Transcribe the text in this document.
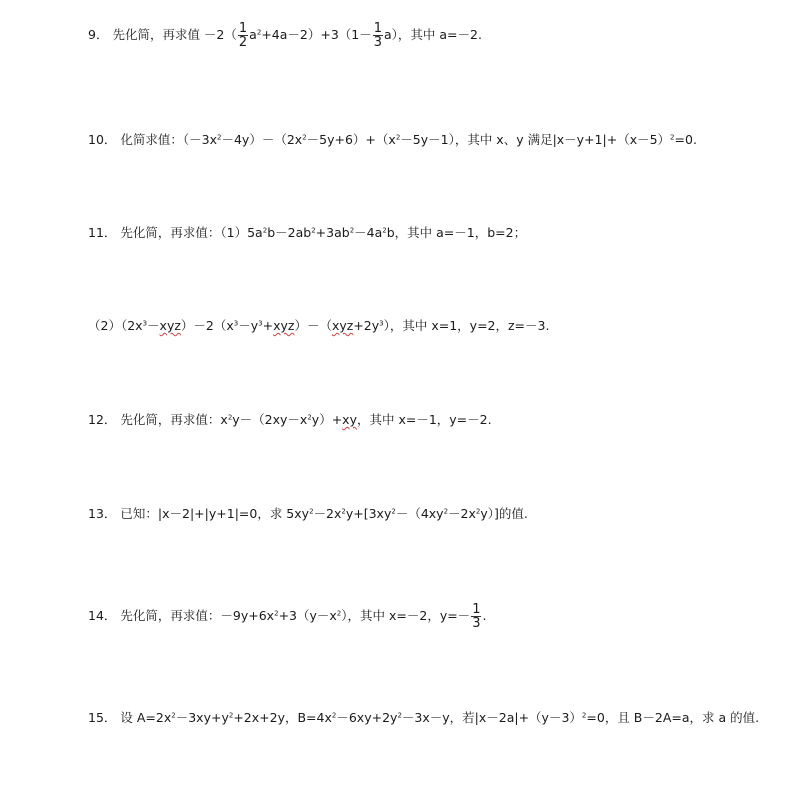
9． 先化简，再求值 $-2( \frac{1}{2} a^2+4a-2)+3(1- \frac{1}{3} a)$，其中 a=－2.
10． 化简求值：$(-3x^2-4y)-(2x^2-5y+6)+(x^2-5y-1)$，其中 x、y 满足$|x-y+1|+(x-5)^2=0$.
11． 先化简，再求值：$(1)5a^2b-2ab^2+3ab^2-4a^2b$，其中 a=－1，b=2；
$(2)(2x^3-xyz)-2(x^3-y^3+xyz)-(xyz+2y^3)$，其中 x=1，y=2，z=－3.
12． 先化简，再求值：$x^2y-(2xy-x^2y)+xy$，其中 x=－1，y=－2.
13． 已知：|x－2|+|y+1|=0，求 $5xy^2-2x^2y+[3xy^2-(4xy^2-2x^2y)]$的值.
14． 先化简，再求值：$-9y+6x^2+3(y-x^2)$，其中 x=－2，$y=- \frac{1}{3}$ .
15． 设 $A=2x^2-3xy+y^2+2x+2y$，$B=4x^2-6xy+2y^2-3x-y$，若$|x-2a|+(y-3)^2=0$，且 B－2A=a，求 a 的值.
